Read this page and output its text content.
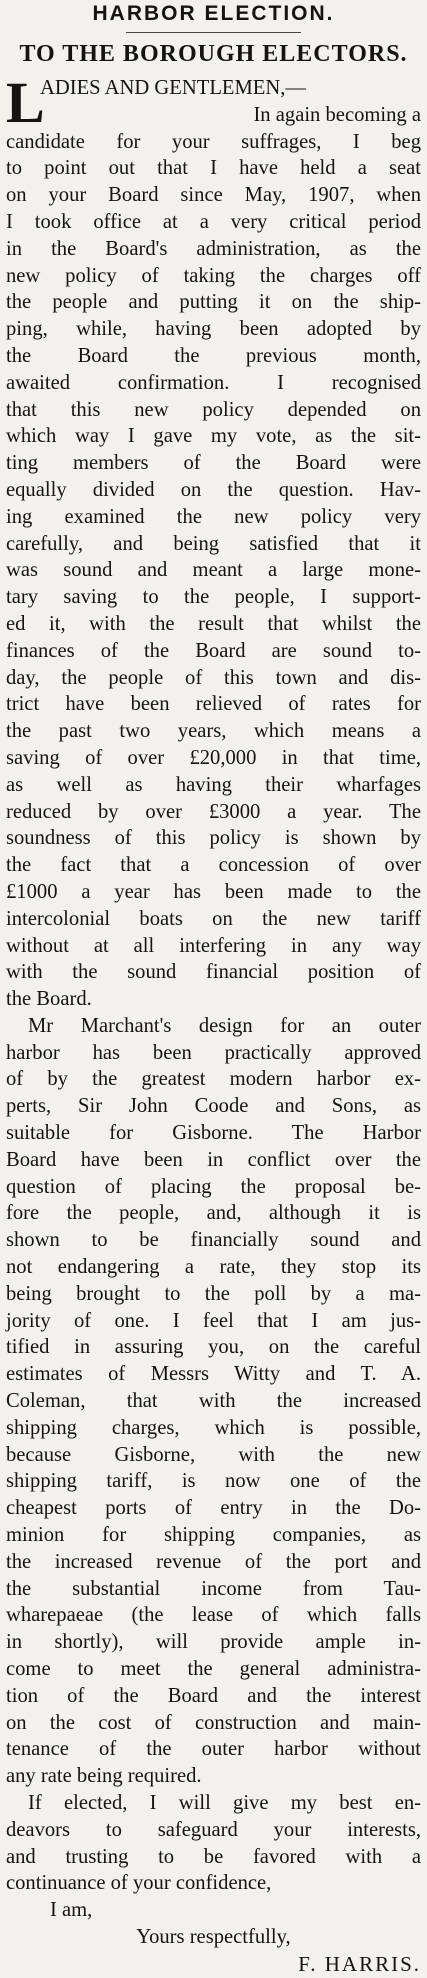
HARBOR ELECTION.
TO THE BOROUGH ELECTORS.
L
ADIES AND GENTLEMEN,—
In again becoming a
candidate for your suffrages, I beg
to point out that I have held a seat
on your Board since May, 1907, when
I took office at a very critical period
in the Board's administration, as the
new policy of taking the charges off
the people and putting it on the ship-
ping, while, having been adopted by
the Board the previous month,
awaited confirmation. I recognised
that this new policy depended on
which way I gave my vote, as the sit-
ting members of the Board were
equally divided on the question. Hav-
ing examined the new policy very
carefully, and being satisfied that it
was sound and meant a large mone-
tary saving to the people, I support-
ed it, with the result that whilst the
finances of the Board are sound to-
day, the people of this town and dis-
trict have been relieved of rates for
the past two years, which means a
saving of over £20,000 in that time,
as well as having their wharfages
reduced by over £3000 a year. The
soundness of this policy is shown by
the fact that a concession of over
£1000 a year has been made to the
intercolonial boats on the new tariff
without at all interfering in any way
with the sound financial position of
the Board.
Mr Marchant's design for an outer
harbor has been practically approved
of by the greatest modern harbor ex-
perts, Sir John Coode and Sons, as
suitable for Gisborne. The Harbor
Board have been in conflict over the
question of placing the proposal be-
fore the people, and, although it is
shown to be financially sound and
not endangering a rate, they stop its
being brought to the poll by a ma-
jority of one. I feel that I am jus-
tified in assuring you, on the careful
estimates of Messrs Witty and T. A.
Coleman, that with the increased
shipping charges, which is possible,
because Gisborne, with the new
shipping tariff, is now one of the
cheapest ports of entry in the Do-
minion for shipping companies, as
the increased revenue of the port and
the substantial income from Tau-
wharepaeae (the lease of which falls
in shortly), will provide ample in-
come to meet the general administra-
tion of the Board and the interest
on the cost of construction and main-
tenance of the outer harbor without
any rate being required.
If elected, I will give my best en-
deavors to safeguard your interests,
and trusting to be favored with a
continuance of your confidence,
I am,
Yours respectfully,
F. HARRIS.
